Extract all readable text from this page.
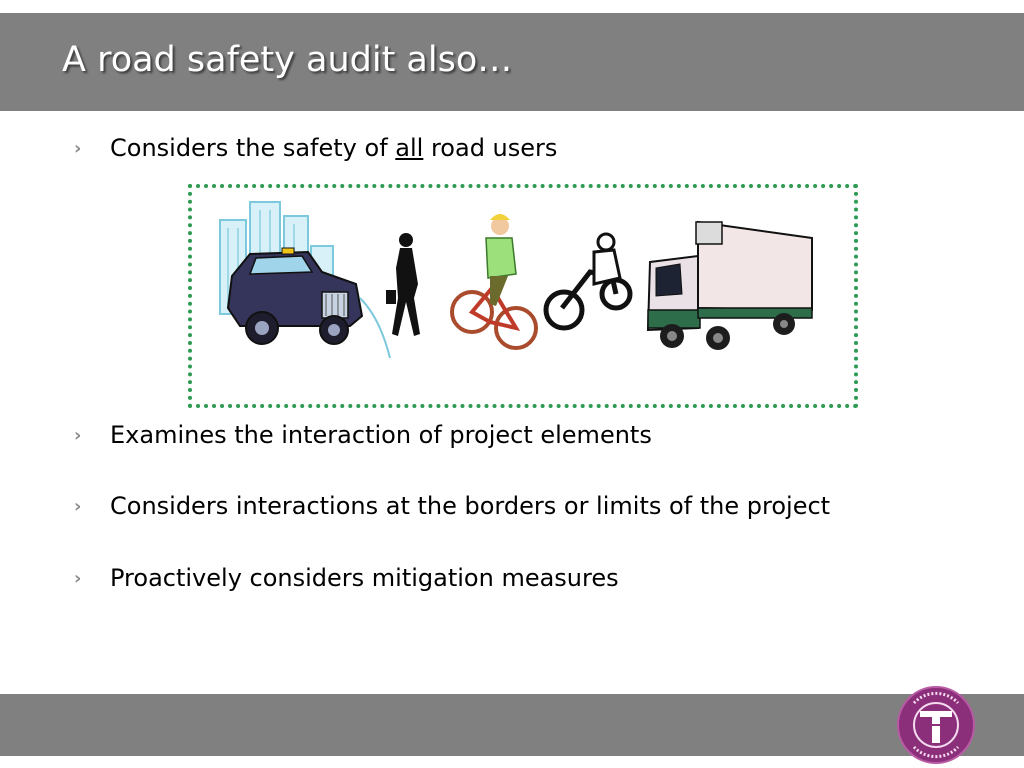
A road safety audit also…
› Considers the safety of all road users
› Examines the interaction of project elements
› Considers interactions at the borders or limits of the project
› Proactively considers mitigation measures
